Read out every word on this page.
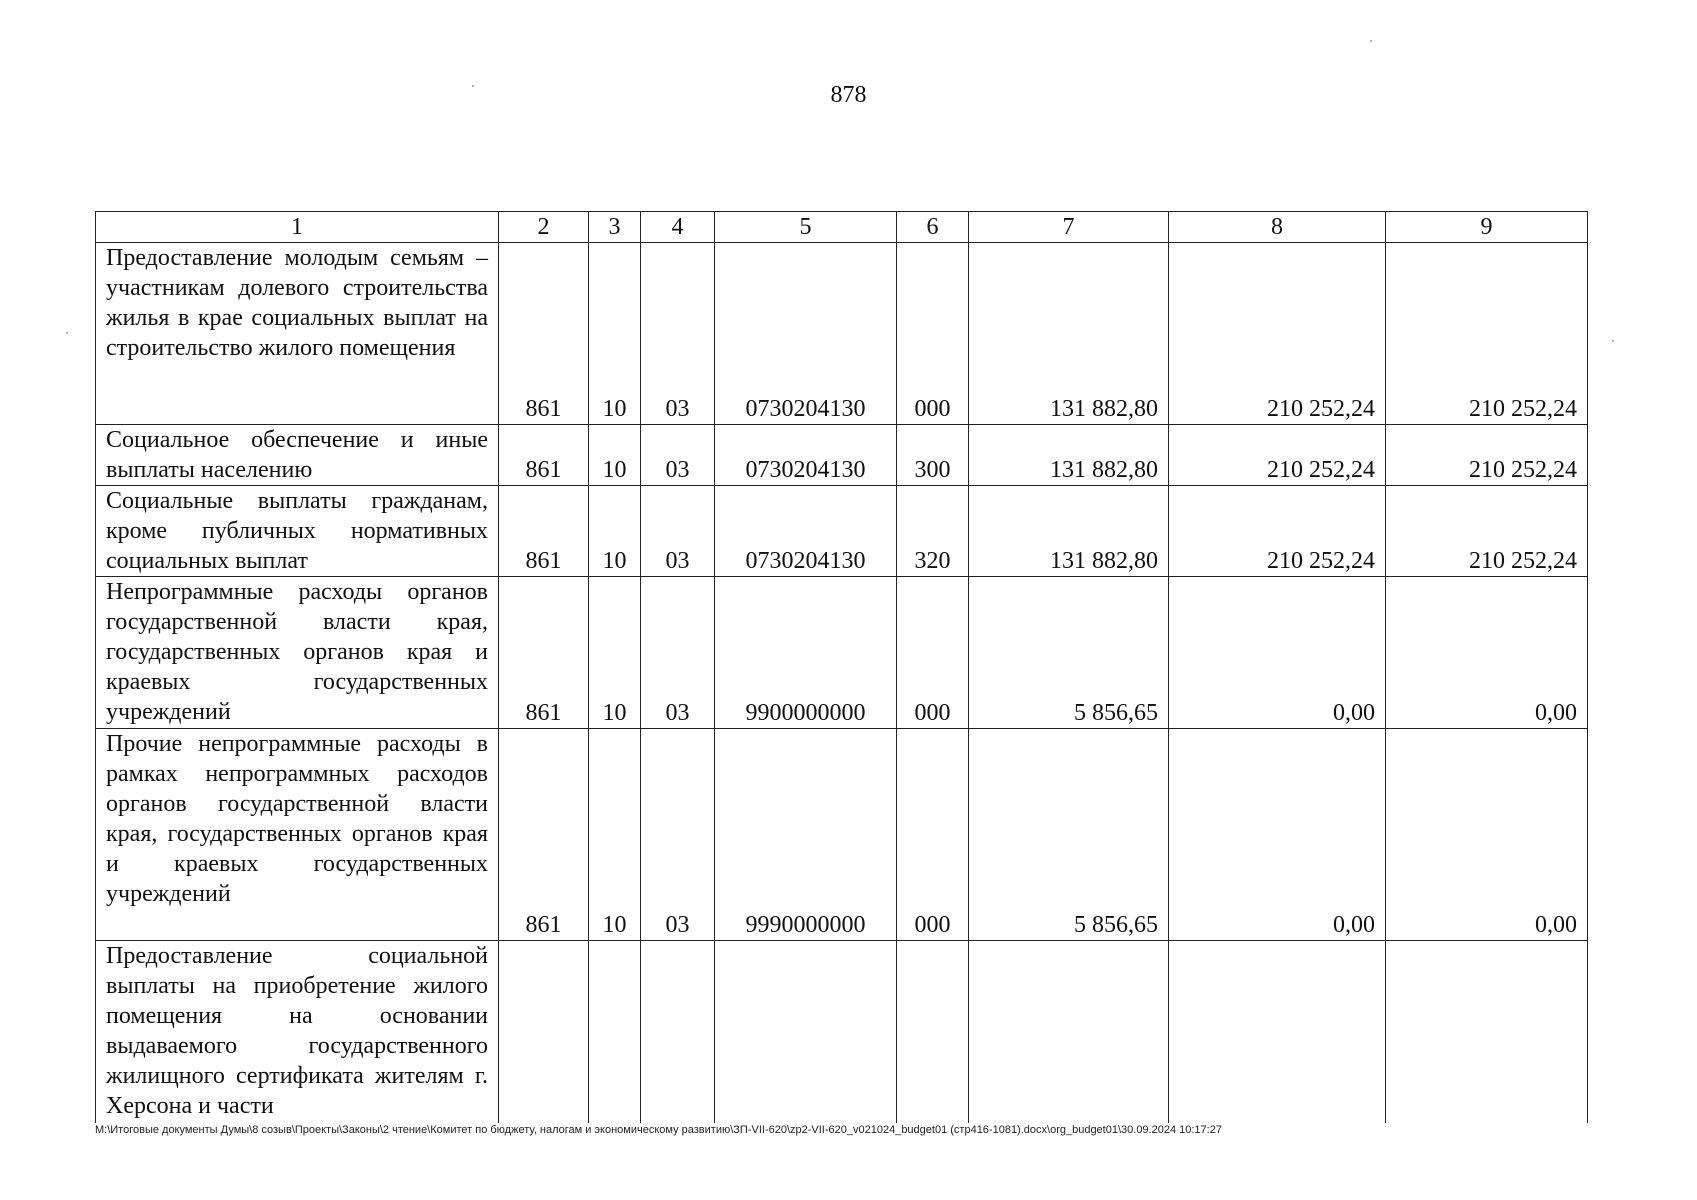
878
1	2	3	4	5	6	7	8	9
Предоставление молодым семьям – участникам долевого строительства жилья в крае социальных выплат на строительство жилого помещения	861	10	03	0730204130	000	131 882,80	210 252,24	210 252,24
Социальное обеспечение и иные выплаты населению	861	10	03	0730204130	300	131 882,80	210 252,24	210 252,24
Социальные выплаты гражданам, кроме публичных нормативных социальных выплат	861	10	03	0730204130	320	131 882,80	210 252,24	210 252,24
Непрограммные расходы органов государственной власти края, государственных органов края и краевых государственных учреждений	861	10	03	9900000000	000	5 856,65	0,00	0,00
Прочие непрограммные расходы в рамках непрограммных расходов органов государственной власти края, государственных органов края и краевых государственных учреждений	861	10	03	9990000000	000	5 856,65	0,00	0,00
Предоставление социальной выплаты на приобретение жилого помещения на основании выдаваемого государственного жилищного сертификата жителям г. Херсона и части								
M:\Итоговые документы Думы\8 созыв\Проекты\Законы\2 чтение\Комитет по бюджету, налогам и экономическому развитию\ЗП-VII-620\zp2-VII-620_v021024_budget01 (стр416-1081).docx\org_budget01\30.09.2024 10:17:27
